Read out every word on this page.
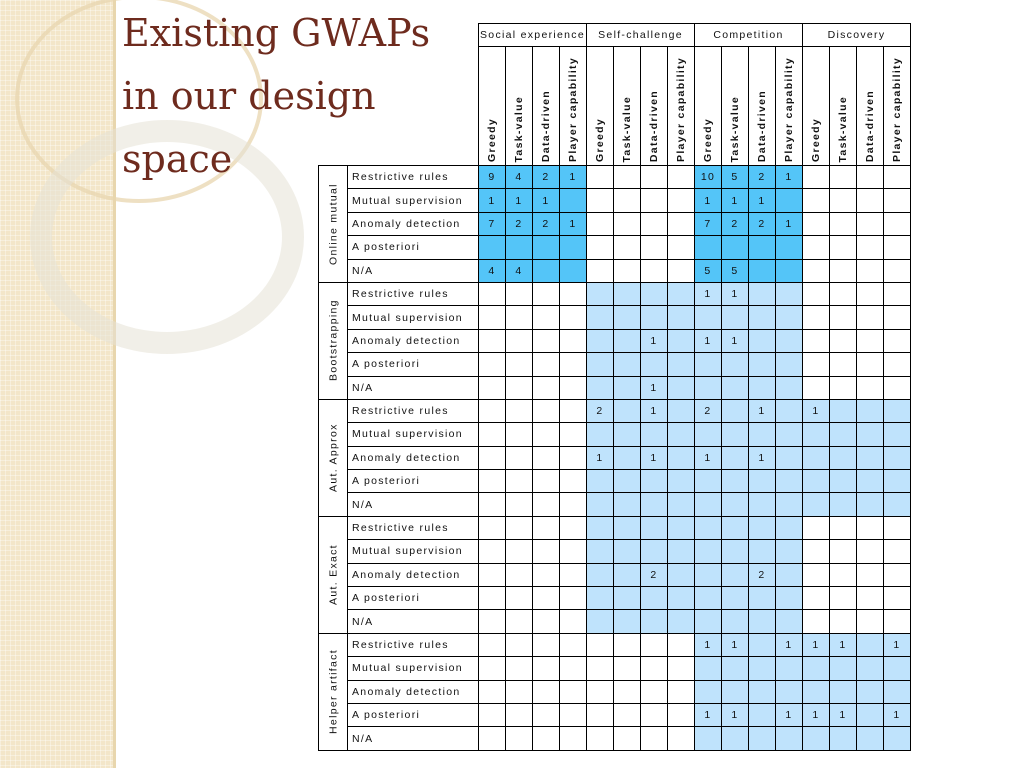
Existing GWAPs
in our design
space
		Social experience				Self-challenge				Competition				Discovery			

		Greedy	Task-value	Data-driven	Player capability	Greedy	Task-value	Data-driven	Player capability	Greedy	Task-value	Data-driven	Player capability	Greedy	Task-value	Data-driven	Player capability

Online mutual	Restrictive rules	9	4	2	1					10	5	2	1				
	Mutual supervision	1	1	1						1	1	1					
	Anomaly detection	7	2	2	1					7	2	2	1				
	A posteriori																
	N/A	4	4							5	5						
Bootstrapping	Restrictive rules									1	1						
	Mutual supervision																
	Anomaly detection							1		1	1						
	A posteriori																
	N/A							1									
Aut. Approx	Restrictive rules					2		1		2		1		1			
	Mutual supervision																
	Anomaly detection					1		1		1		1					
	A posteriori																
	N/A																
Aut. Exact	Restrictive rules																
	Mutual supervision																
	Anomaly detection							2				2					
	A posteriori																
	N/A																
Helper artifact	Restrictive rules									1	1		1	1	1		1
	Mutual supervision																
	Anomaly detection																
	A posteriori									1	1		1	1	1		1
	N/A																
